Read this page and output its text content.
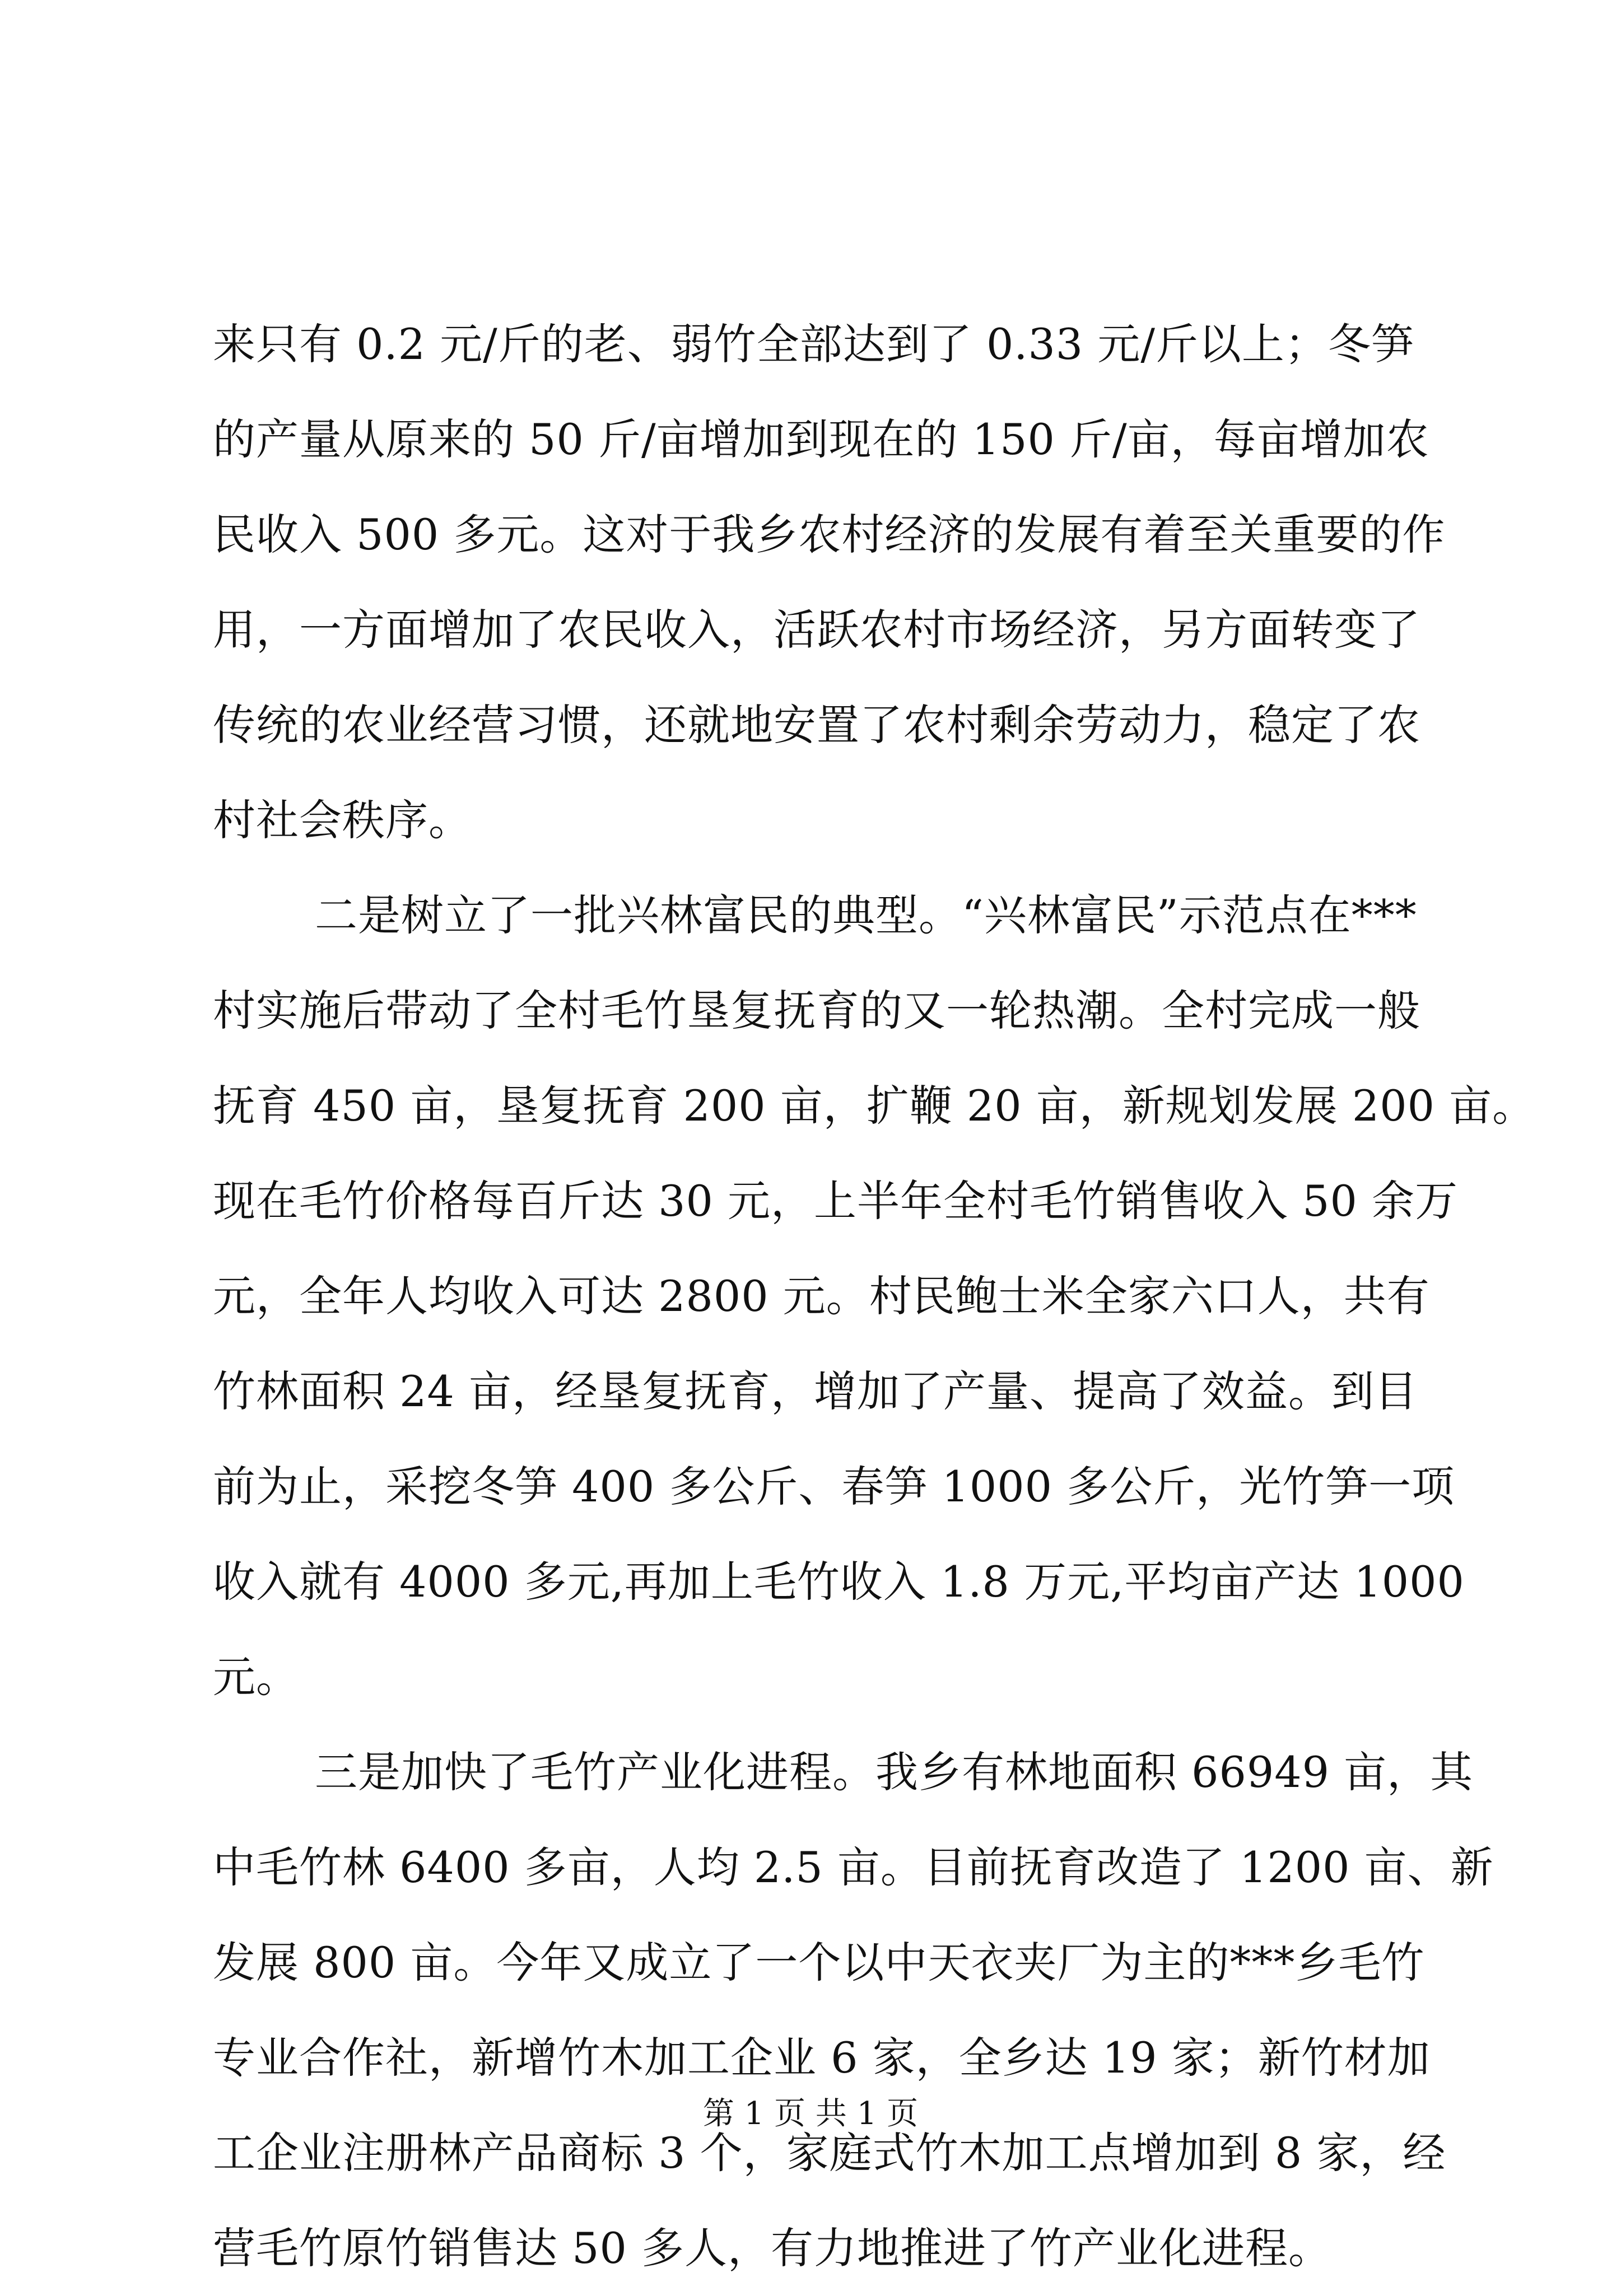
来只有 0.2 元/斤的老、弱竹全部达到了 0.33 元/斤以上；冬笋
的产量从原来的 50 斤/亩增加到现在的 150 斤/亩，每亩增加农
民收入 500 多元。这对于我乡农村经济的发展有着至关重要的作
用，一方面增加了农民收入，活跃农村市场经济，另方面转变了
传统的农业经营习惯，还就地安置了农村剩余劳动力，稳定了农
村社会秩序。
二是树立了一批兴林富民的典型。“兴林富民”示范点在***
村实施后带动了全村毛竹垦复抚育的又一轮热潮。全村完成一般
抚育 450 亩，垦复抚育 200 亩，扩鞭 20 亩，新规划发展 200 亩。
现在毛竹价格每百斤达 30 元，上半年全村毛竹销售收入 50 余万
元，全年人均收入可达 2800 元。村民鲍士米全家六口人，共有
竹林面积 24 亩，经垦复抚育，增加了产量、提高了效益。到目
前为止，采挖冬笋 400 多公斤、春笋 1000 多公斤，光竹笋一项
收入就有 4000 多元,再加上毛竹收入 1.8 万元,平均亩产达 1000
元。
三是加快了毛竹产业化进程。我乡有林地面积 66949 亩，其
中毛竹林 6400 多亩，人均 2.5 亩。目前抚育改造了 1200 亩、新
发展 800 亩。今年又成立了一个以中天衣夹厂为主的***乡毛竹
专业合作社，新增竹木加工企业 6 家，全乡达 19 家；新竹材加
工企业注册林产品商标 3 个，家庭式竹木加工点增加到 8 家，经
营毛竹原竹销售达 50 多人，有力地推进了竹产业化进程。
第 1 页 共 1 页
